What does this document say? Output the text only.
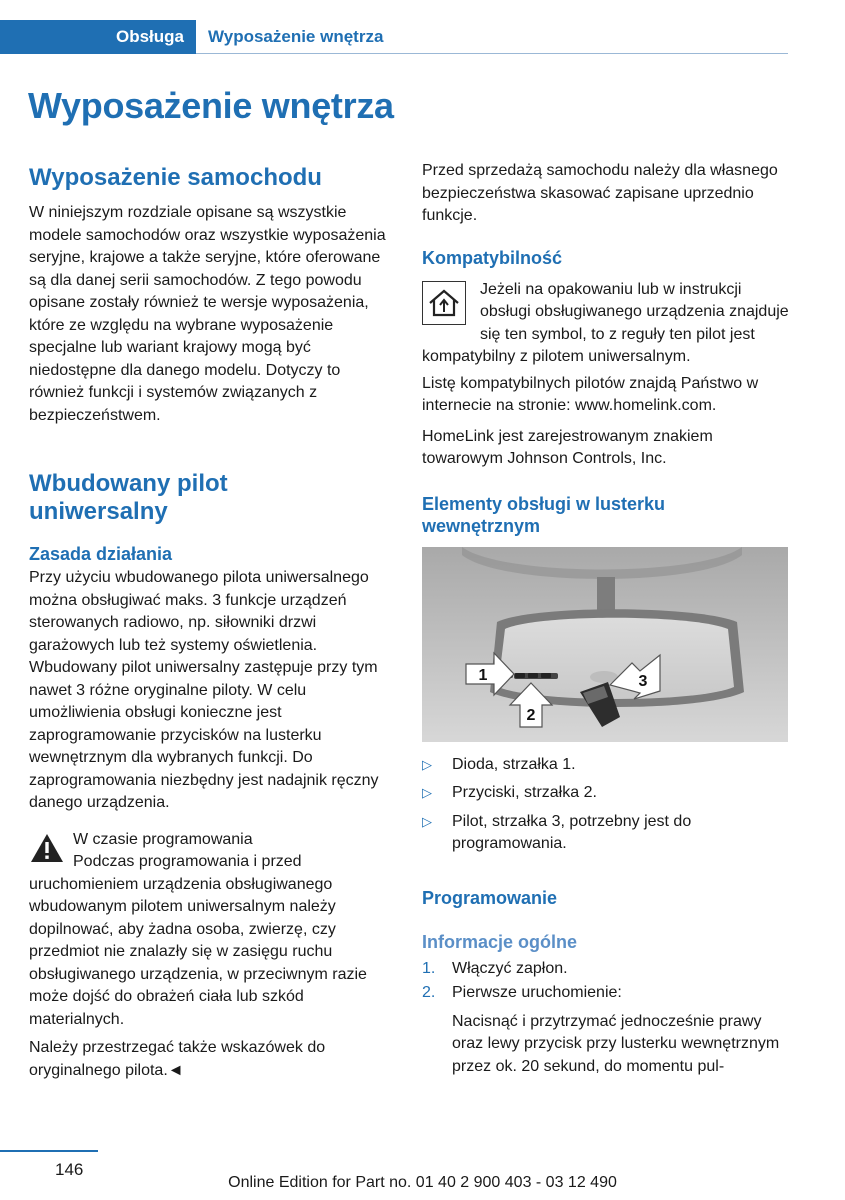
Obsługa	Wyposażenie wnętrza
Wyposażenie wnętrza
Wyposażenie samochodu

W niniejszym rozdziale opisane są wszystkie modele samochodów oraz wszystkie wyposażenia seryjne, krajowe a także seryjne, które oferowane są dla danej serii samochodów. Z tego powodu opisane zostały również te wersje wyposażenia, które ze względu na wybrane wyposażenie specjalne lub wariant krajowy mogą być niedostępne dla danego modelu. Dotyczy to również funkcji i systemów związanych z bezpieczeństwem.

Wbudowany pilot uniwersalny
Zasada działania

Przy użyciu wbudowanego pilota uniwersalnego można obsługiwać maks. 3 funkcje urządzeń sterowanych radiowo, np. siłowniki drzwi garażowych lub też systemy oświetlenia. Wbudowany pilot uniwersalny zastępuje przy tym nawet 3 różne oryginalne piloty. W celu umożliwienia obsługi konieczne jest zaprogramowanie przycisków na lusterku wewnętrznym dla wybranych funkcji. Do zaprogramowania niezbędny jest nadajnik ręczny danego urządzenia.

W czasie programowania

Podczas programowania i przed uruchomieniem urządzenia obsługiwanego wbudowanym pilotem uniwersalnym należy dopilnować, aby żadna osoba, zwierzę, czy przedmiot nie znalazły się w zasięgu ruchu obsługiwanego urządzenia, w przeciwnym razie może dojść do obrażeń ciała lub szkód materialnych.

Należy przestrzegać także wskazówek do oryginalnego pilota.◄

Przed sprzedażą samochodu należy dla własnego bezpieczeństwa skasować zapisane uprzednio funkcje.

Kompatybilność

Jeżeli na opakowaniu lub w instrukcji obsługi obsługiwanego urządzenia znajduje się ten symbol, to z reguły ten pilot jest kompatybilny z pilotem uniwersalnym.

Listę kompatybilnych pilotów znajdą Państwo w internecie na stronie: www.homelink.com.

HomeLink jest zarejestrowanym znakiem towarowym Johnson Controls, Inc.

Elementy obsługi w lusterku wewnętrznym
1
2
3
▷ Dioda, strzałka 1.
▷ Przyciski, strzałka 2.
▷ Pilot, strzałka 3, potrzebny jest do programowania.
Programowanie
Informacje ogólne
1. Włączyć zapłon.
2. Pierwsze uruchomienie:

Nacisnąć i przytrzymać jednocześnie prawy oraz lewy przycisk przy lusterku wewnętrznym przez ok. 20 sekund, do momentu pul-

146
Online Edition for Part no. 01 40 2 900 403 - 03 12 490
